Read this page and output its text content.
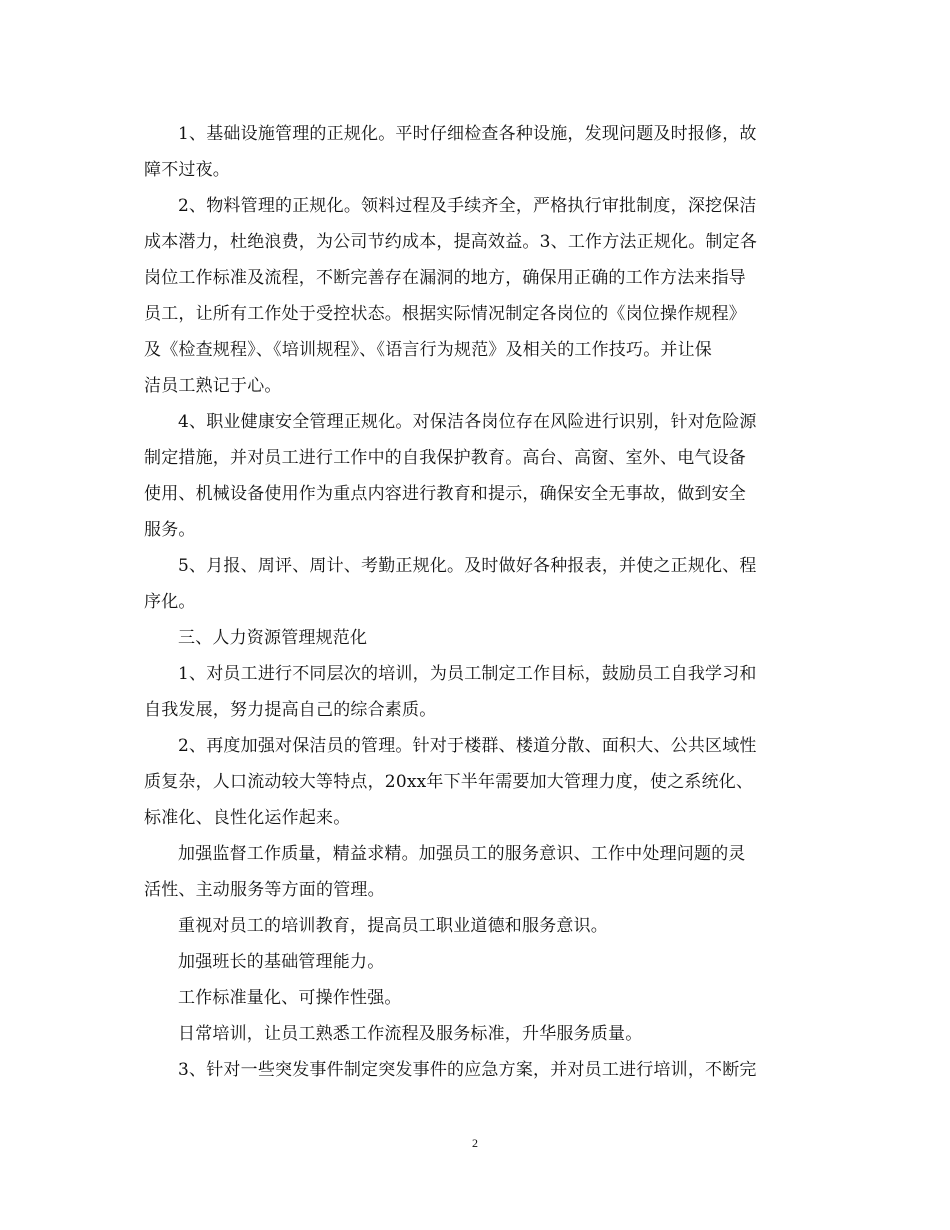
1、基础设施管理的正规化。平时仔细检查各种设施，发现问题及时报修，故
障不过夜。
2、物料管理的正规化。领料过程及手续齐全，严格执行审批制度，深挖保洁
成本潜力，杜绝浪费，为公司节约成本，提高效益。3、工作方法正规化。制定各
岗位工作标准及流程，不断完善存在漏洞的地方，确保用正确的工作方法来指导
员工，让所有工作处于受控状态。根据实际情况制定各岗位的《岗位操作规程》
及《检查规程》、《培训规程》、《语言行为规范》及相关的工作技巧。并让保
洁员工熟记于心。
4、职业健康安全管理正规化。对保洁各岗位存在风险进行识别，针对危险源
制定措施，并对员工进行工作中的自我保护教育。高台、高窗、室外、电气设备
使用、机械设备使用作为重点内容进行教育和提示，确保安全无事故，做到安全
服务。
5、月报、周评、周计、考勤正规化。及时做好各种报表，并使之正规化、程
序化。
三、人力资源管理规范化
1、对员工进行不同层次的培训，为员工制定工作目标，鼓励员工自我学习和
自我发展，努力提高自己的综合素质。
2、再度加强对保洁员的管理。针对于楼群、楼道分散、面积大、公共区域性
质复杂，人口流动较大等特点，20xx年下半年需要加大管理力度，使之系统化、
标准化、良性化运作起来。
加强监督工作质量，精益求精。加强员工的服务意识、工作中处理问题的灵
活性、主动服务等方面的管理。
重视对员工的培训教育，提高员工职业道德和服务意识。
加强班长的基础管理能力。
工作标准量化、可操作性强。
日常培训，让员工熟悉工作流程及服务标准，升华服务质量。
3、针对一些突发事件制定突发事件的应急方案，并对员工进行培训，不断完
2
